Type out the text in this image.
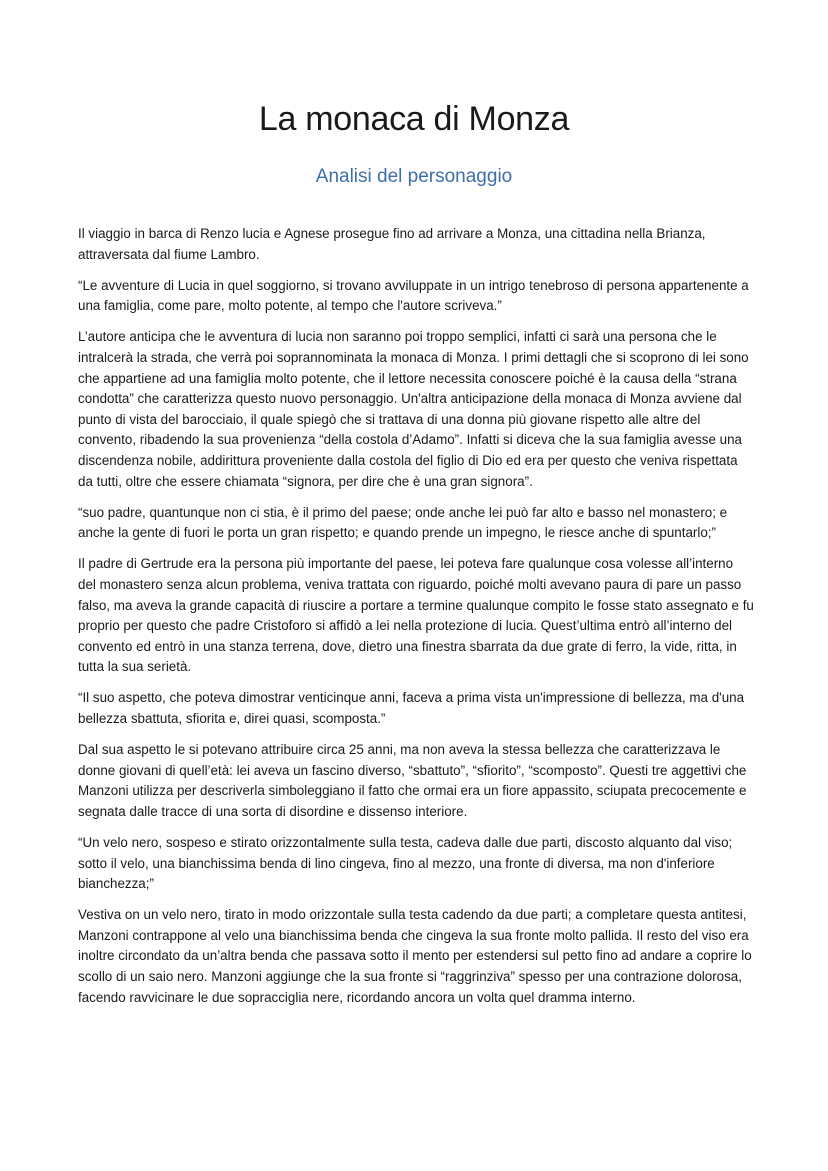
La monaca di Monza
Analisi del personaggio

Il viaggio in barca di Renzo lucia e Agnese prosegue fino ad arrivare a Monza, una cittadina nella Brianza, attraversata dal fiume Lambro.

“Le avventure di Lucia in quel soggiorno, si trovano avviluppate in un intrigo tenebroso di persona appartenente a una famiglia, come pare, molto potente, al tempo che l'autore scriveva.”

L’autore anticipa che le avventura di lucia non saranno poi troppo semplici, infatti ci sarà una persona che le intralcerà la strada, che verrà poi soprannominata la monaca di Monza. I primi dettagli che si scoprono di lei sono che appartiene ad una famiglia molto potente, che il lettore necessita conoscere poiché è la causa della “strana condotta” che caratterizza questo nuovo personaggio. Un'altra anticipazione della monaca di Monza avviene dal punto di vista del barocciaio, il quale spiegò che si trattava di una donna più giovane rispetto alle altre del convento, ribadendo la sua provenienza “della costola d’Adamo”. Infatti si diceva che la sua famiglia avesse una discendenza nobile, addirittura proveniente dalla costola del figlio di Dio ed era per questo che veniva rispettata da tutti, oltre che essere chiamata “signora, per dire che è una gran signora”.

“suo padre, quantunque non ci stia, è il primo del paese; onde anche lei può far alto e basso nel monastero; e anche la gente di fuori le porta un gran rispetto; e quando prende un impegno, le riesce anche di spuntarlo;”

Il padre di Gertrude era la persona più importante del paese, lei poteva fare qualunque cosa volesse all’interno del monastero senza alcun problema, veniva trattata con riguardo, poiché molti avevano paura di pare un passo falso, ma aveva la grande capacità di riuscire a portare a termine qualunque compito le fosse stato assegnato e fu proprio per questo che padre Cristoforo si affidò a lei nella protezione di lucia. Quest’ultima entrò all’interno del convento ed entrò in una stanza terrena, dove, dietro una finestra sbarrata da due grate di ferro, la vide, ritta, in tutta la sua serietà.

“Il suo aspetto, che poteva dimostrar venticinque anni, faceva a prima vista un'impressione di bellezza, ma d'una bellezza sbattuta, sfiorita e, direi quasi, scomposta.”

Dal sua aspetto le si potevano attribuire circa 25 anni, ma non aveva la stessa bellezza che caratterizzava le donne giovani di quell’età: lei aveva un fascino diverso, “sbattuto”, “sfiorito”, “scomposto”. Questi tre aggettivi che Manzoni utilizza per descriverla simboleggiano il fatto che ormai era un fiore appassito, sciupata precocemente e segnata dalle tracce di una sorta di disordine e dissenso interiore.

“Un velo nero, sospeso e stirato orizzontalmente sulla testa, cadeva dalle due parti, discosto alquanto dal viso; sotto il velo, una bianchissima benda di lino cingeva, fino al mezzo, una fronte di diversa, ma non d'inferiore bianchezza;”

Vestiva on un velo nero, tirato in modo orizzontale sulla testa cadendo da due parti; a completare questa antitesi, Manzoni contrappone al velo una bianchissima benda che cingeva la sua fronte molto pallida. Il resto del viso era inoltre circondato da un’altra benda che passava sotto il mento per estendersi sul petto fino ad andare a coprire lo scollo di un saio nero. Manzoni aggiunge che la sua fronte si “raggrinziva” spesso per una contrazione dolorosa, facendo ravvicinare le due sopracciglia nere, ricordando ancora un volta quel dramma interno.
